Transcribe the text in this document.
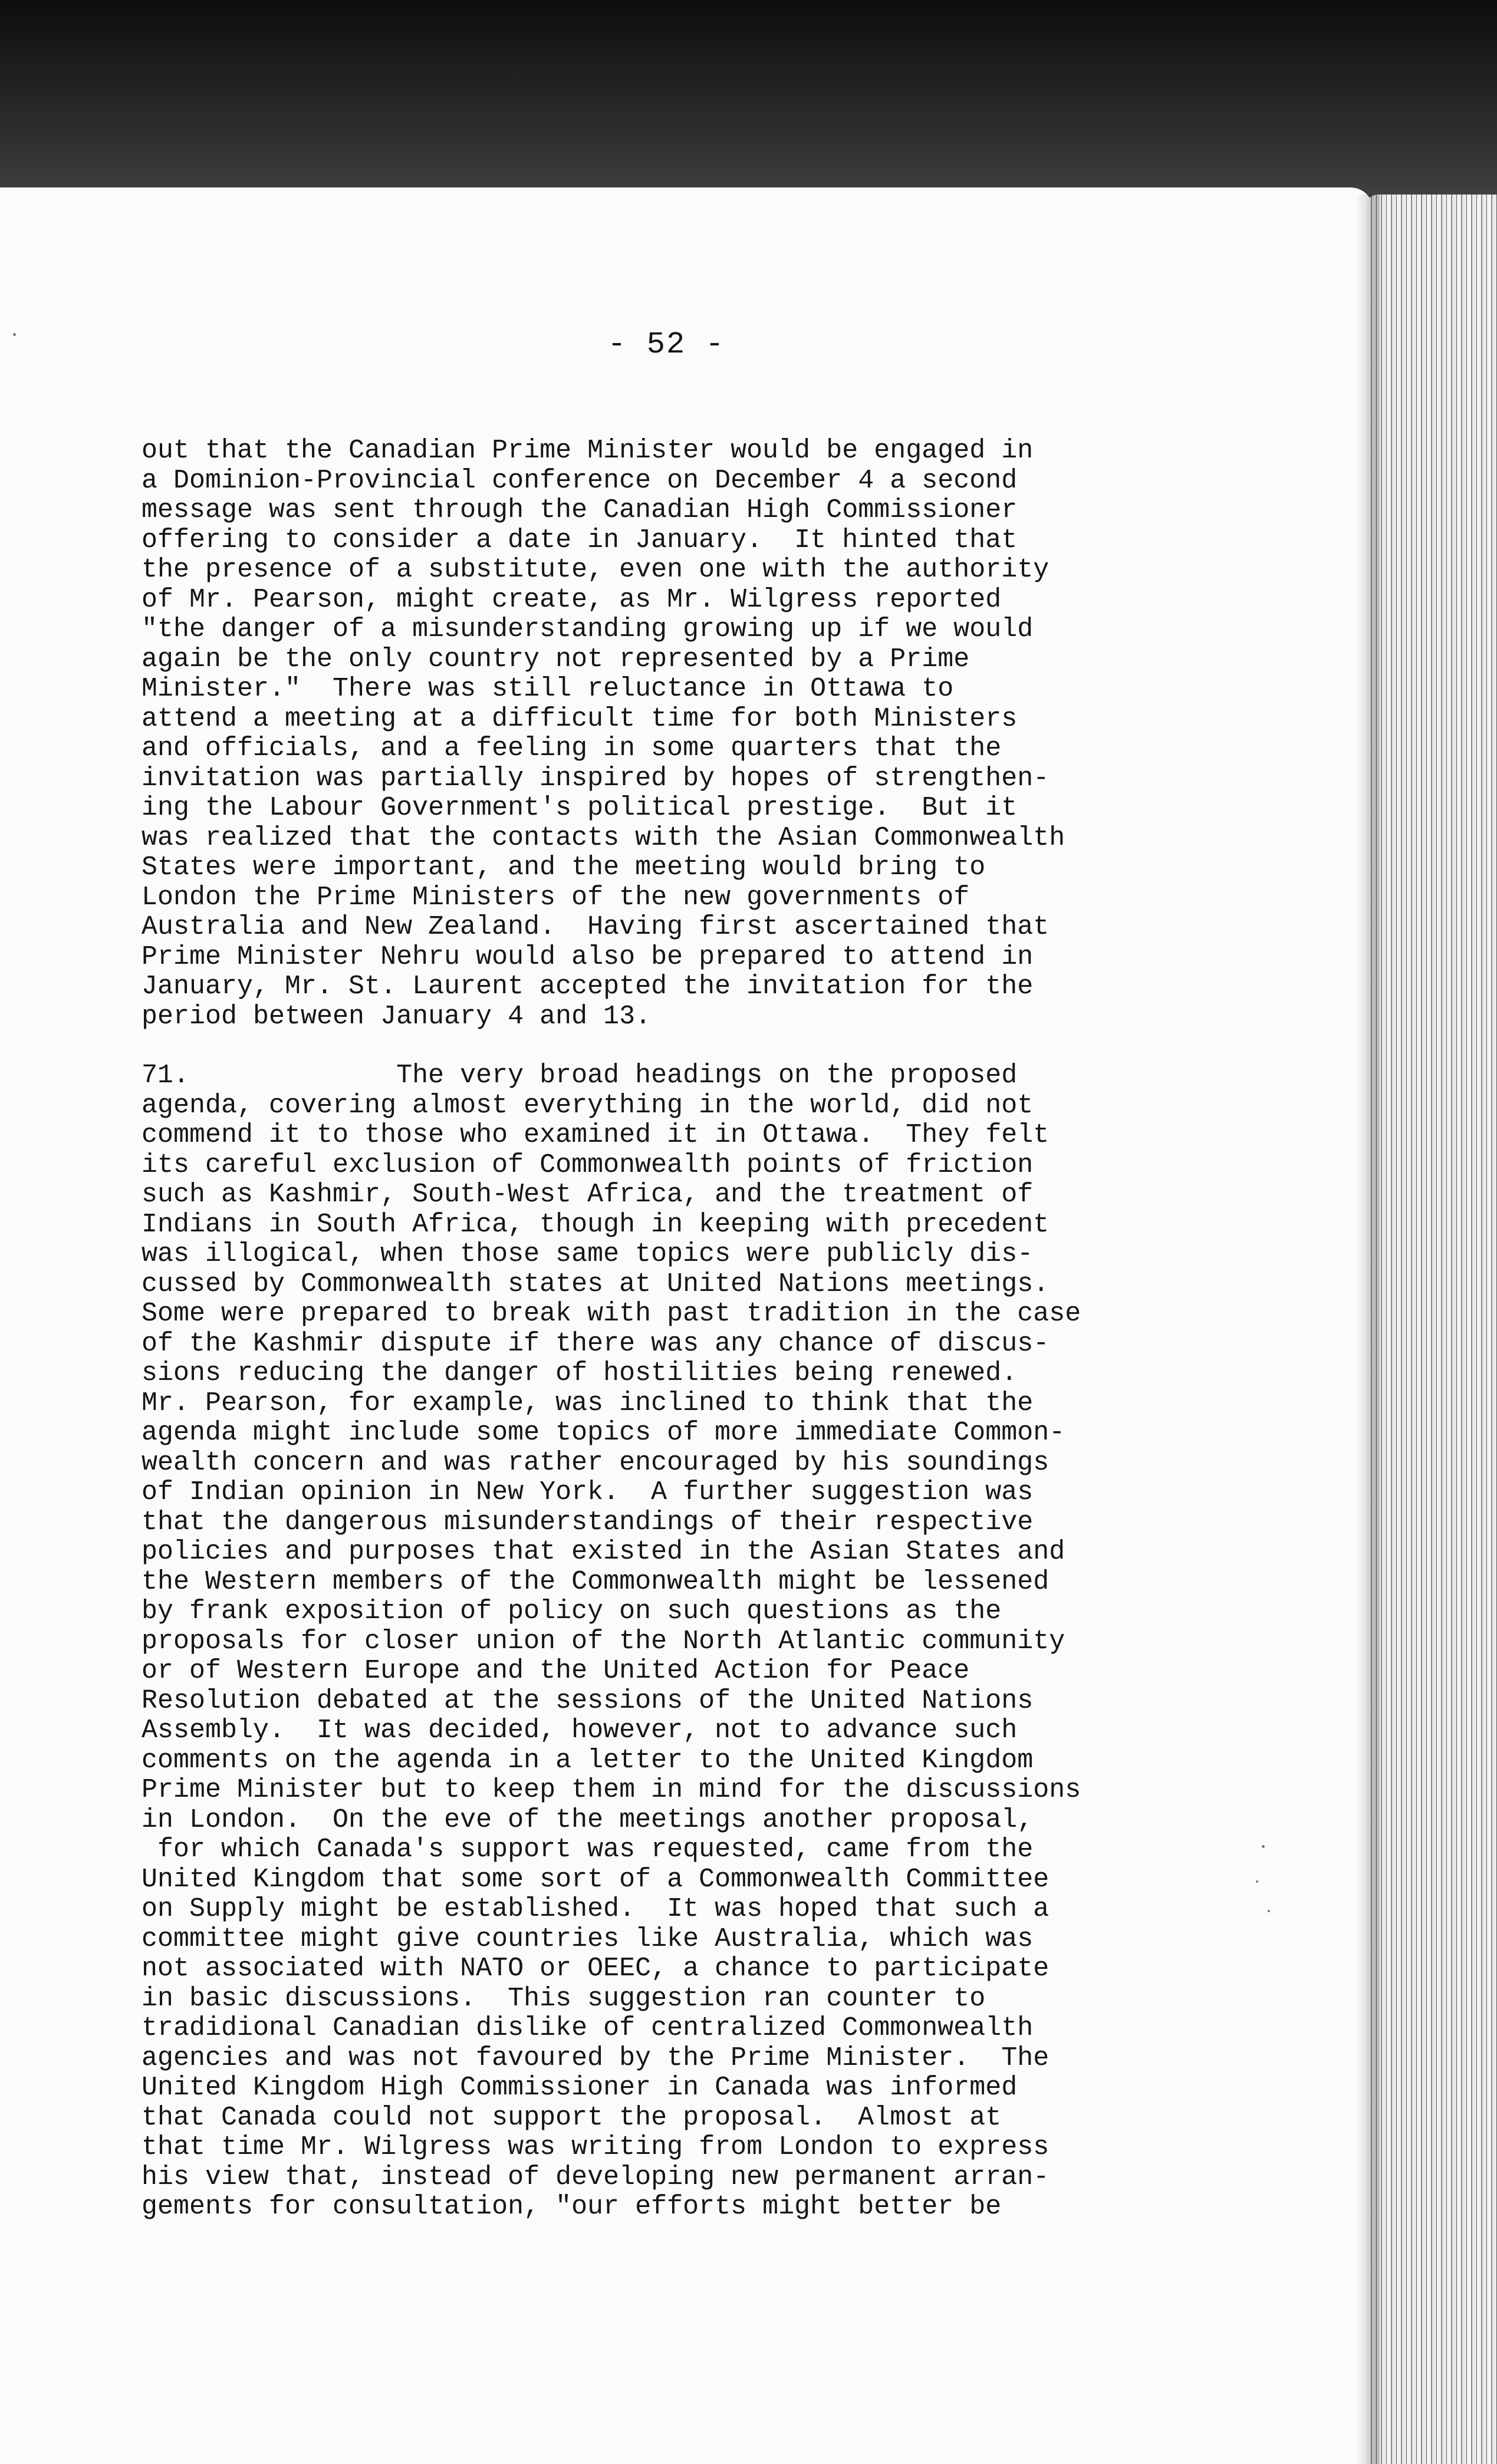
- 52 -

out that the Canadian Prime Minister would be engaged in

a Dominion-Provincial conference on December 4 a second

message was sent through the Canadian High Commissioner

offering to consider a date in January.  It hinted that

the presence of a substitute, even one with the authority

of Mr. Pearson, might create, as Mr. Wilgress reported

"the danger of a misunderstanding growing up if we would

again be the only country not represented by a Prime

Minister."  There was still reluctance in Ottawa to

attend a meeting at a difficult time for both Ministers

and officials, and a feeling in some quarters that the

invitation was partially inspired by hopes of strengthen-

ing the Labour Government's political prestige.  But it

was realized that the contacts with the Asian Commonwealth

States were important, and the meeting would bring to

London the Prime Ministers of the new governments of

Australia and New Zealand.  Having first ascertained that

Prime Minister Nehru would also be prepared to attend in

January, Mr. St. Laurent accepted the invitation for the

period between January 4 and 13.

71.             The very broad headings on the proposed

agenda, covering almost everything in the world, did not

commend it to those who examined it in Ottawa.  They felt

its careful exclusion of Commonwealth points of friction

such as Kashmir, South-West Africa, and the treatment of

Indians in South Africa, though in keeping with precedent

was illogical, when those same topics were publicly dis-

cussed by Commonwealth states at United Nations meetings.

Some were prepared to break with past tradition in the case

of the Kashmir dispute if there was any chance of discus-

sions reducing the danger of hostilities being renewed.

Mr. Pearson, for example, was inclined to think that the

agenda might include some topics of more immediate Common-

wealth concern and was rather encouraged by his soundings

of Indian opinion in New York.  A further suggestion was

that the dangerous misunderstandings of their respective

policies and purposes that existed in the Asian States and

the Western members of the Commonwealth might be lessened

by frank exposition of policy on such questions as the

proposals for closer union of the North Atlantic community

or of Western Europe and the United Action for Peace

Resolution debated at the sessions of the United Nations

Assembly.  It was decided, however, not to advance such

comments on the agenda in a letter to the United Kingdom

Prime Minister but to keep them in mind for the discussions

in London.  On the eve of the meetings another proposal,

for which Canada's support was requested, came from the

United Kingdom that some sort of a Commonwealth Committee

on Supply might be established.  It was hoped that such a

committee might give countries like Australia, which was

not associated with NATO or OEEC, a chance to participate

in basic discussions.  This suggestion ran counter to

tradidional Canadian dislike of centralized Commonwealth

agencies and was not favoured by the Prime Minister.  The

United Kingdom High Commissioner in Canada was informed

that Canada could not support the proposal.  Almost at

that time Mr. Wilgress was writing from London to express

his view that, instead of developing new permanent arran-

gements for consultation, "our efforts might better be
